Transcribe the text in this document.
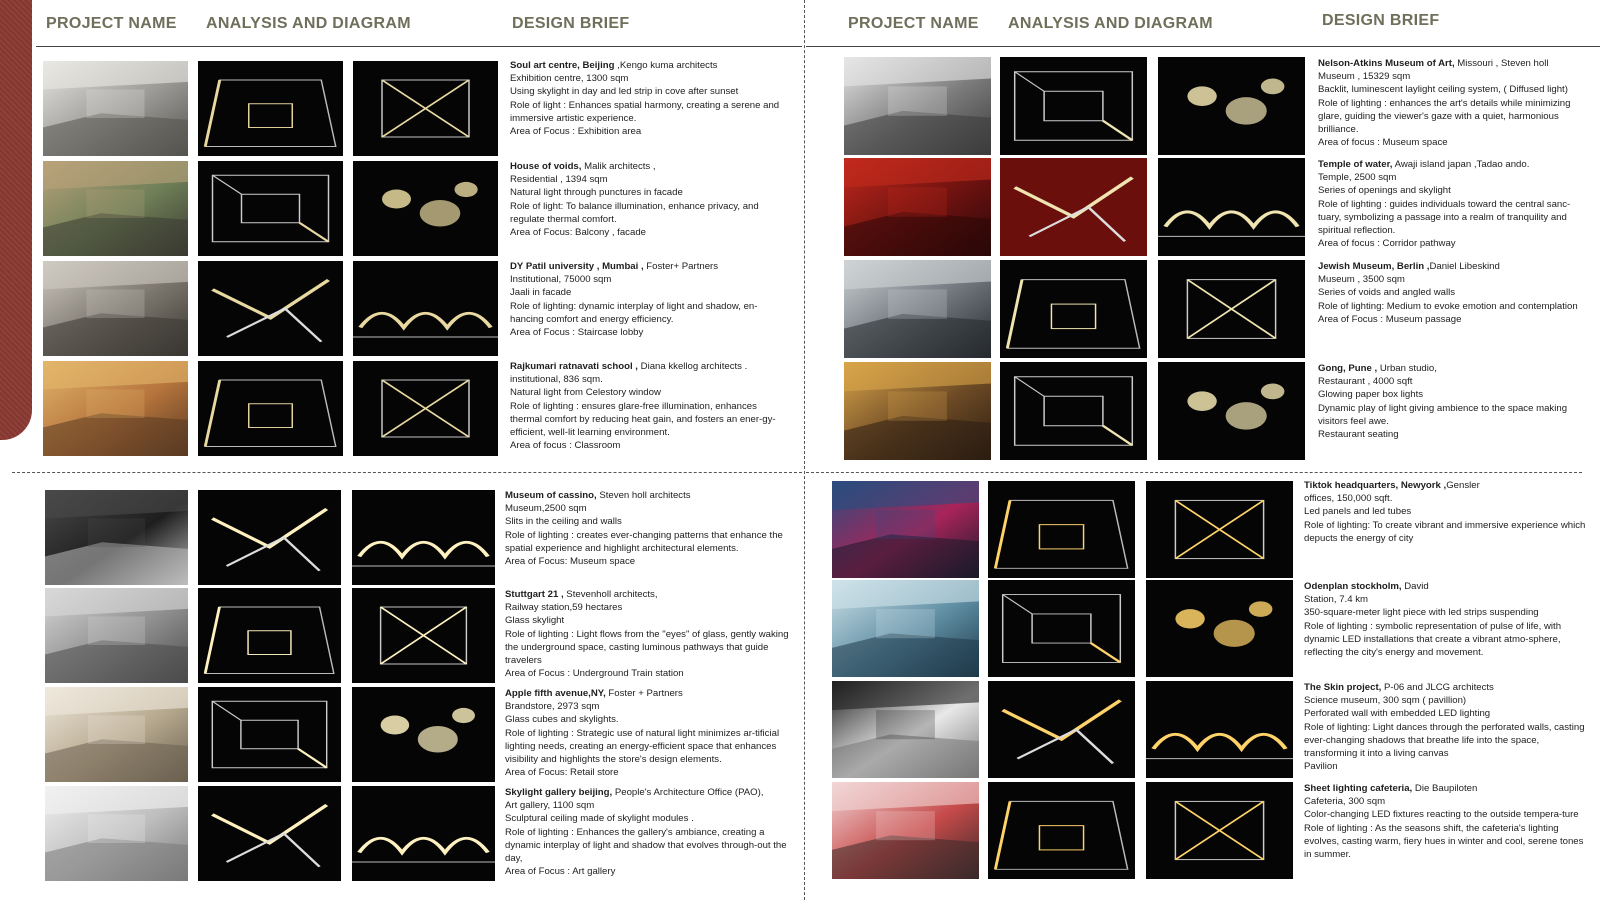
PROJECT NAME ANALYSIS AND DIAGRAM	DESIGN BRIEF	PROJECT NAME ANALYSIS AND DIAGRAM	DESIGN BRIEF
Soul art centre, Beijing ,Kengo kuma architects
Exhibition centre, 1300 sqm
Using skylight in day and led strip in cove after sunset
Role of light : Enhances spatial harmony, creating a serene and immersive artistic experience.
Area of Focus : Exhibition area
House of voids, Malik architects ,
Residential , 1394 sqm
Natural light through punctures in facade
Role of light: To balance illumination, enhance privacy, and regulate thermal comfort.
Area of Focus: Balcony , facade
DY Patil university , Mumbai , Foster+ Partners
Institutional, 75000 sqm
Jaali in facade
Role of lighting: dynamic interplay of light and shadow, en-hancing comfort and energy efficiency.
Area of Focus : Staircase lobby
Rajkumari ratnavati school , Diana kkellog architects .
institutional, 836 sqm.
Natural light from Celestory window
Role of lighting : ensures glare-free illumination, enhances thermal comfort by reducing heat gain, and fosters an ener-gy-efficient, well-lit learning environment.
Area of focus : Classroom
Nelson-Atkins Museum of Art, Missouri , Steven holl
Museum , 15329 sqm
Backlit, luminescent laylight ceiling system, ( Diffused light)
Role of lighting : enhances the art's details while minimizing glare, guiding the viewer's gaze with a quiet, harmonious brilliance.
Area of focus : Museum space
Temple of water, Awaji island japan ,Tadao ando.
Temple, 2500 sqm
Series of openings and skylight
Role of lighting : guides individuals toward the central sanc-tuary, symbolizing a passage into a realm of tranquility and spiritual reflection.
Area of focus : Corridor pathway
Jewish Museum, Berlin ,Daniel Libeskind
Museum , 3500 sqm
Series of voids and angled walls
Role of lighting: Medium to evoke emotion and contemplation
Area of Focus : Museum passage
Gong, Pune , Urban studio,
Restaurant , 4000 sqft
Glowing paper box lights
Dynamic play of light giving ambience to the space making visitors feel awe.
Restaurant seating
Museum of cassino, Steven holl architects
Museum,2500 sqm
Slits in the ceiling and walls
Role of lighting : creates ever-changing patterns that enhance the spatial experience and highlight architectural elements.
Area of Focus: Museum space
Stuttgart 21 , Stevenholl architects,
Railway station,59 hectares
Glass skylight
Role of lighting : Light flows from the "eyes" of glass, gently waking the underground space, casting luminous pathways that guide travelers
Area of Focus : Underground Train station
Apple fifth avenue,NY, Foster + Partners
Brandstore, 2973 sqm
Glass cubes and skylights.
Role of lighting : Strategic use of natural light minimizes ar-tificial lighting needs, creating an energy-efficient space that enhances visibility and highlights the store's design elements.
Area of Focus: Retail store
Skylight gallery beijing, People's Architecture Office (PAO),
Art gallery, 1100 sqm
Sculptural ceiling made of skylight modules .
Role of lighting : Enhances the gallery's ambiance, creating a dynamic interplay of light and shadow that evolves through-out the day,
Area of Focus : Art gallery
Tiktok headquarters, Newyork ,Gensler
offices, 150,000 sqft.
Led panels and led tubes
Role of lighting: To create vibrant and immersive experience which depucts the energy of city
Odenplan stockholm, David
Station, 7.4 km
350-square-meter light piece with led strips suspending
Role of lighting : symbolic representation of pulse of life, with dynamic LED installations that create a vibrant atmo-sphere, reflecting the city's energy and movement.
The Skin project, P-06 and JLCG architects
Science museum, 300 sqm ( pavillion)
Perforated wall with embedded LED lighting
Role of lighting: Light dances through the perforated walls, casting ever-changing shadows that breathe life into the space, transforming it into a living canvas
Pavilion
Sheet lighting cafeteria, Die Baupiloten
Cafeteria, 300 sqm
Color-changing LED fixtures reacting to the outside tempera-ture
Role of lighting : As the seasons shift, the cafeteria's lighting evolves, casting warm, fiery hues in winter and cool, serene tones in summer.
